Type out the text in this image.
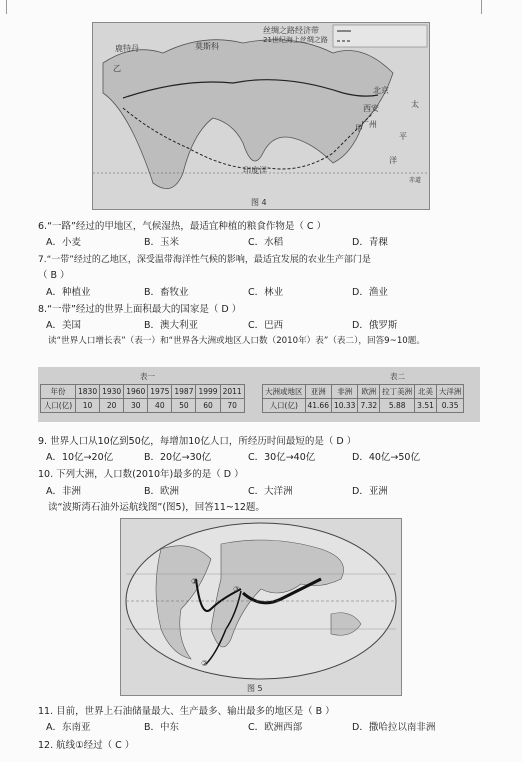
丝绸之路经济带
21世纪海上丝绸之路
鹿特丹	莫斯科
乙
甲
北京
西安
广州
印度洋
太
平
洋
赤道
图 4
6.“一路”经过的甲地区，气候湿热，最适宜种植的粮食作物是（ C ）
A．小麦	B．玉米	C．水稻	D．青稞
7.“一带”经过的乙地区，深受温带海洋性气候的影响，最适宜发展的农业生产部门是
（ B ）
A．种植业	B．畜牧业	C．林业	D．渔业
8.“一带”经过的世界上面积最大的国家是（ D ）
A．美国	B．澳大利亚	C．巴西	D．俄罗斯
读“世界人口增长表”（表一）和“世界各大洲或地区人口数（2010年）表”（表二），回答9~10题。
表一	表二
年份	1830	1930	1960	1975	1987	1999	2011
人口(亿)	10	20	30	40	50	60	70
大洲或地区	亚洲	非洲	欧洲	拉丁美洲	北美	大洋洲
人口(亿)	41.66	10.33	7.32	5.88	3.51	0.35
9. 世界人口从10亿到50亿，每增加10亿人口，所经历时间最短的是（ D ）
A．10亿→20亿	B．20亿→30亿	C．30亿→40亿	D．40亿→50亿
10. 下列大洲，人口数(2010年)最多的是（ D ）
A．非洲	B．欧洲	C．大洋洲	D．亚洲
读“波斯湾石油外运航线图”(图5)，回答11~12题。
①
②
③
图 5
11. 目前，世界上石油储量最大、生产最多、输出最多的地区是（ B ）
A．东南亚	B．中东	C．欧洲西部	D．撒哈拉以南非洲
12. 航线①经过（ C ）
